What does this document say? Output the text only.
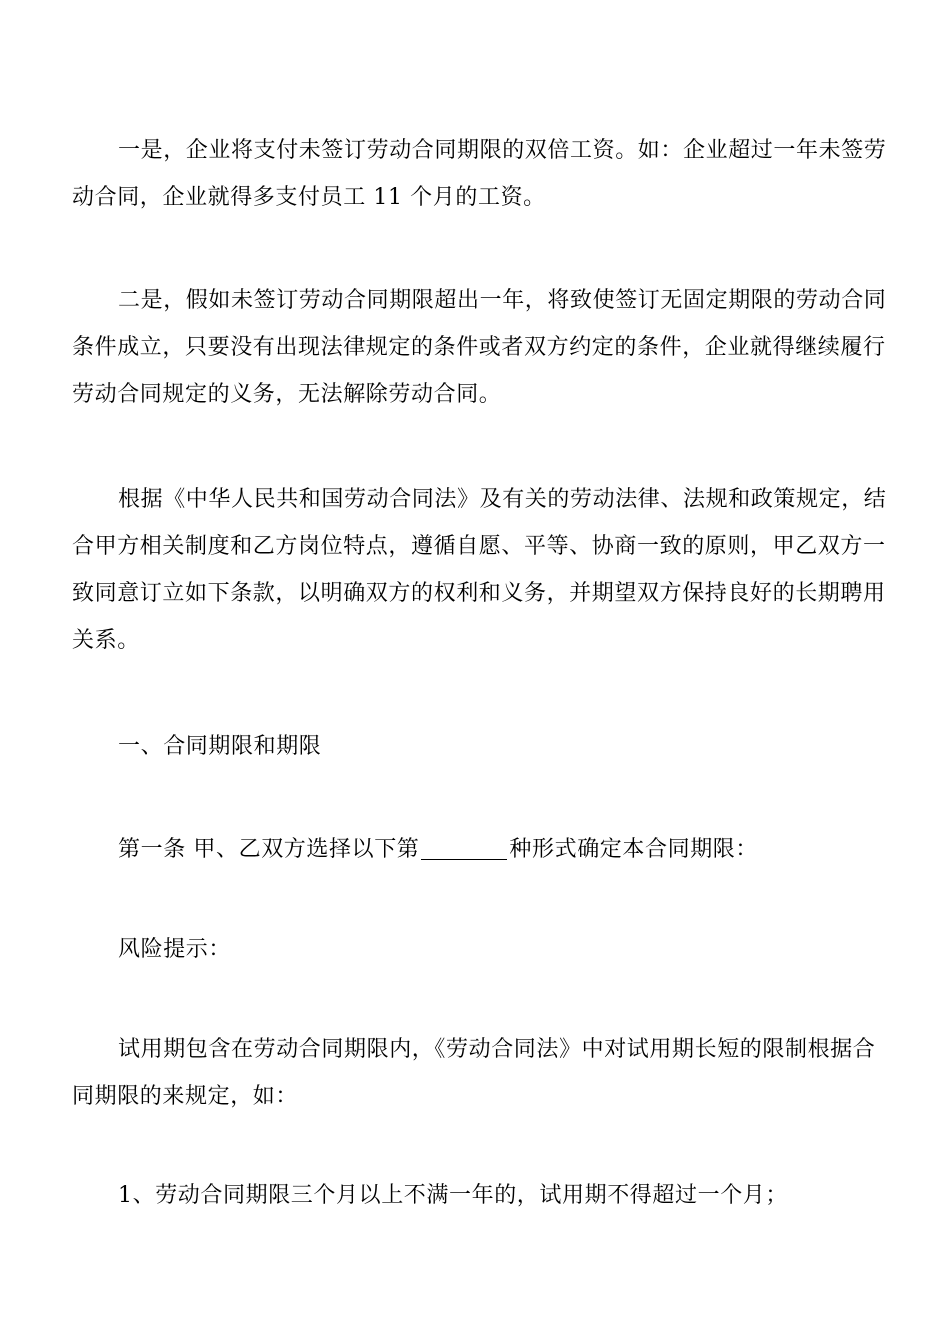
一是，企业将支付未签订劳动合同期限的双倍工资。如：企业超过一年未签劳
动合同，企业就得多支付员工 11 个月的工资。
二是，假如未签订劳动合同期限超出一年，将致使签订无固定期限的劳动合同
条件成立，只要没有出现法律规定的条件或者双方约定的条件，企业就得继续履行
劳动合同规定的义务，无法解除劳动合同。
根据《中华人民共和国劳动合同法》及有关的劳动法律、法规和政策规定，结
合甲方相关制度和乙方岗位特点，遵循自愿、平等、协商一致的原则，甲乙双方一
致同意订立如下条款，以明确双方的权利和义务，并期望双方保持良好的长期聘用
关系。
一、合同期限和期限
第一条 甲、乙双方选择以下第	种形式确定本合同期限：
风险提示：
试用期包含在劳动合同期限内，《劳动合同法》中对试用期长短的限制根据合
同期限的来规定，如：
1、劳动合同期限三个月以上不满一年的，试用期不得超过一个月；
